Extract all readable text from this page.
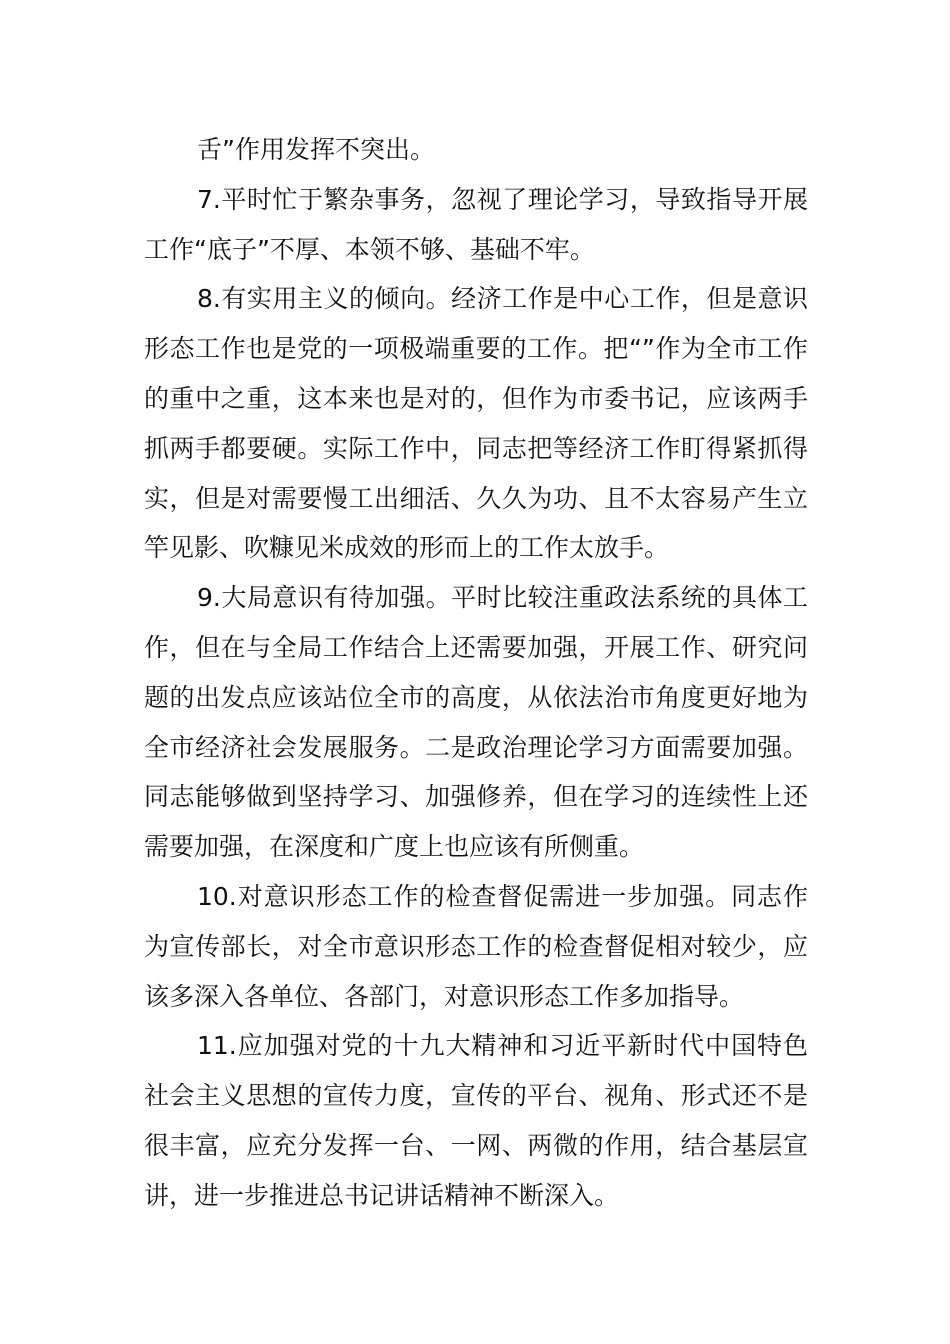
舌”作用发挥不突出。

7.平时忙于繁杂事务，忽视了理论学习，导致指导开展工作“底子”不厚、本领不够、基础不牢。

8.有实用主义的倾向。经济工作是中心工作，但是意识形态工作也是党的一项极端重要的工作。把“”作为全市工作的重中之重，这本来也是对的，但作为市委书记，应该两手抓两手都要硬。实际工作中，同志把等经济工作盯得紧抓得实，但是对需要慢工出细活、久久为功、且不太容易产生立竿见影、吹糠见米成效的形而上的工作太放手。

9.大局意识有待加强。平时比较注重政法系统的具体工作，但在与全局工作结合上还需要加强，开展工作、研究问题的出发点应该站位全市的高度，从依法治市角度更好地为全市经济社会发展服务。二是政治理论学习方面需要加强。同志能够做到坚持学习、加强修养，但在学习的连续性上还需要加强，在深度和广度上也应该有所侧重。

10.对意识形态工作的检查督促需进一步加强。同志作为宣传部长，对全市意识形态工作的检查督促相对较少，应该多深入各单位、各部门，对意识形态工作多加指导。

11.应加强对党的十九大精神和习近平新时代中国特色社会主义思想的宣传力度，宣传的平台、视角、形式还不是很丰富，应充分发挥一台、一网、两微的作用，结合基层宣讲，进一步推进总书记讲话精神不断深入。
